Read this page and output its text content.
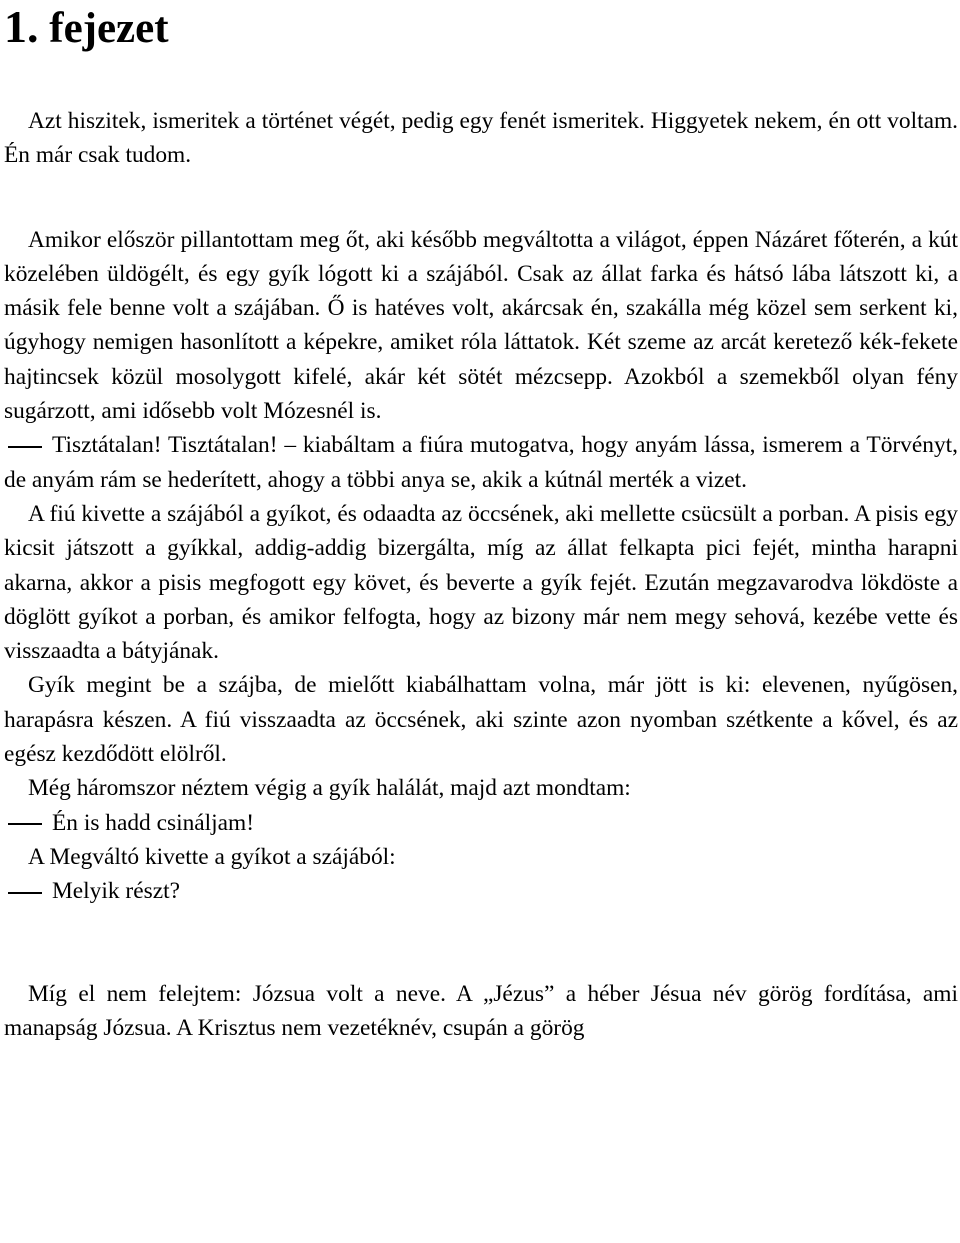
1. fejezet

Azt hiszitek, ismeritek a történet végét, pedig egy fenét ismeritek. Higgyetek nekem, én ott voltam. Én már csak tudom.

Amikor először pillantottam meg őt, aki később megváltotta a világot, éppen Názáret főterén, a kút közelében üldögélt, és egy gyík lógott ki a szájából. Csak az állat farka és hátsó lába látszott ki, a másik fele benne volt a szájában. Ő is hatéves volt, akárcsak én, szakálla még közel sem serkent ki, úgyhogy nemigen hasonlított a képekre, amiket róla láttatok. Két szeme az arcát keretező kék-fekete hajtincsek közül mosolygott kifelé, akár két sötét mézcsepp. Azokból a szemekből olyan fény sugárzott, ami idősebb volt Mózesnél is.

Tisztátalan! Tisztátalan! – kiabáltam a fiúra mutogatva, hogy anyám lássa, ismerem a Törvényt, de anyám rám se hederített, ahogy a többi anya se, akik a kútnál merték a vizet.

A fiú kivette a szájából a gyíkot, és odaadta az öccsének, aki mellette csücsült a porban. A pisis egy kicsit játszott a gyíkkal, addig-addig bizergálta, míg az állat felkapta pici fejét, mintha harapni akarna, akkor a pisis megfogott egy követ, és beverte a gyík fejét. Ezután megzavarodva lökdöste a döglött gyíkot a porban, és amikor felfogta, hogy az bizony már nem megy sehová, kezébe vette és visszaadta a bátyjának.

Gyík megint be a szájba, de mielőtt kiabálhattam volna, már jött is ki: elevenen, nyűgösen, harapásra készen. A fiú visszaadta az öccsének, aki szinte azon nyomban szétkente a kővel, és az egész kezdődött elölről.

Még háromszor néztem végig a gyík halálát, majd azt mondtam:

Én is hadd csináljam!

A Megváltó kivette a gyíkot a szájából:

Melyik részt?

Míg el nem felejtem: Józsua volt a neve. A „Jézus” a héber Jésua név görög fordítása, ami manapság Józsua. A Krisztus nem vezetéknév, csupán a görög
